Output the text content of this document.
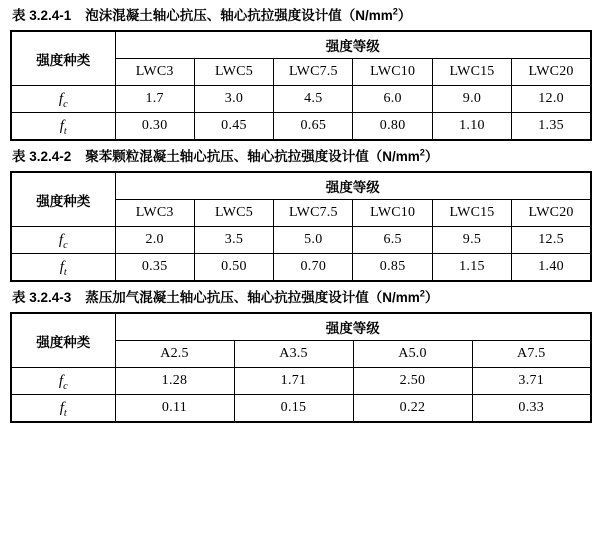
表 3.2.4-1 泡沫混凝土轴心抗压、轴心抗拉强度设计值$(N/mm^2)$
强度种类	强度等级					
	LWC3	LWC5	LWC7.5	LWC10	LWC15	LWC20
$f_c$	1.7	3.0	4.5	6.0	9.0	12.0
$f_t$	0.30	0.45	0.65	0.80	1.10	1.35
表 3.2.4-2 聚苯颗粒混凝土轴心抗压、轴心抗拉强度设计值$(N/mm^2)$
强度种类	强度等级					
	LWC3	LWC5	LWC7.5	LWC10	LWC15	LWC20
$f_c$	2.0	3.5	5.0	6.5	9.5	12.5
$f_t$	0.35	0.50	0.70	0.85	1.15	1.40
表 3.2.4-3 蒸压加气混凝土轴心抗压、轴心抗拉强度设计值$(N/mm^2)$
强度种类	强度等级			
	A2.5	A3.5	A5.0	A7.5
$f_c$	1.28	1.71	2.50	3.71
$f_t$	0.11	0.15	0.22	0.33
